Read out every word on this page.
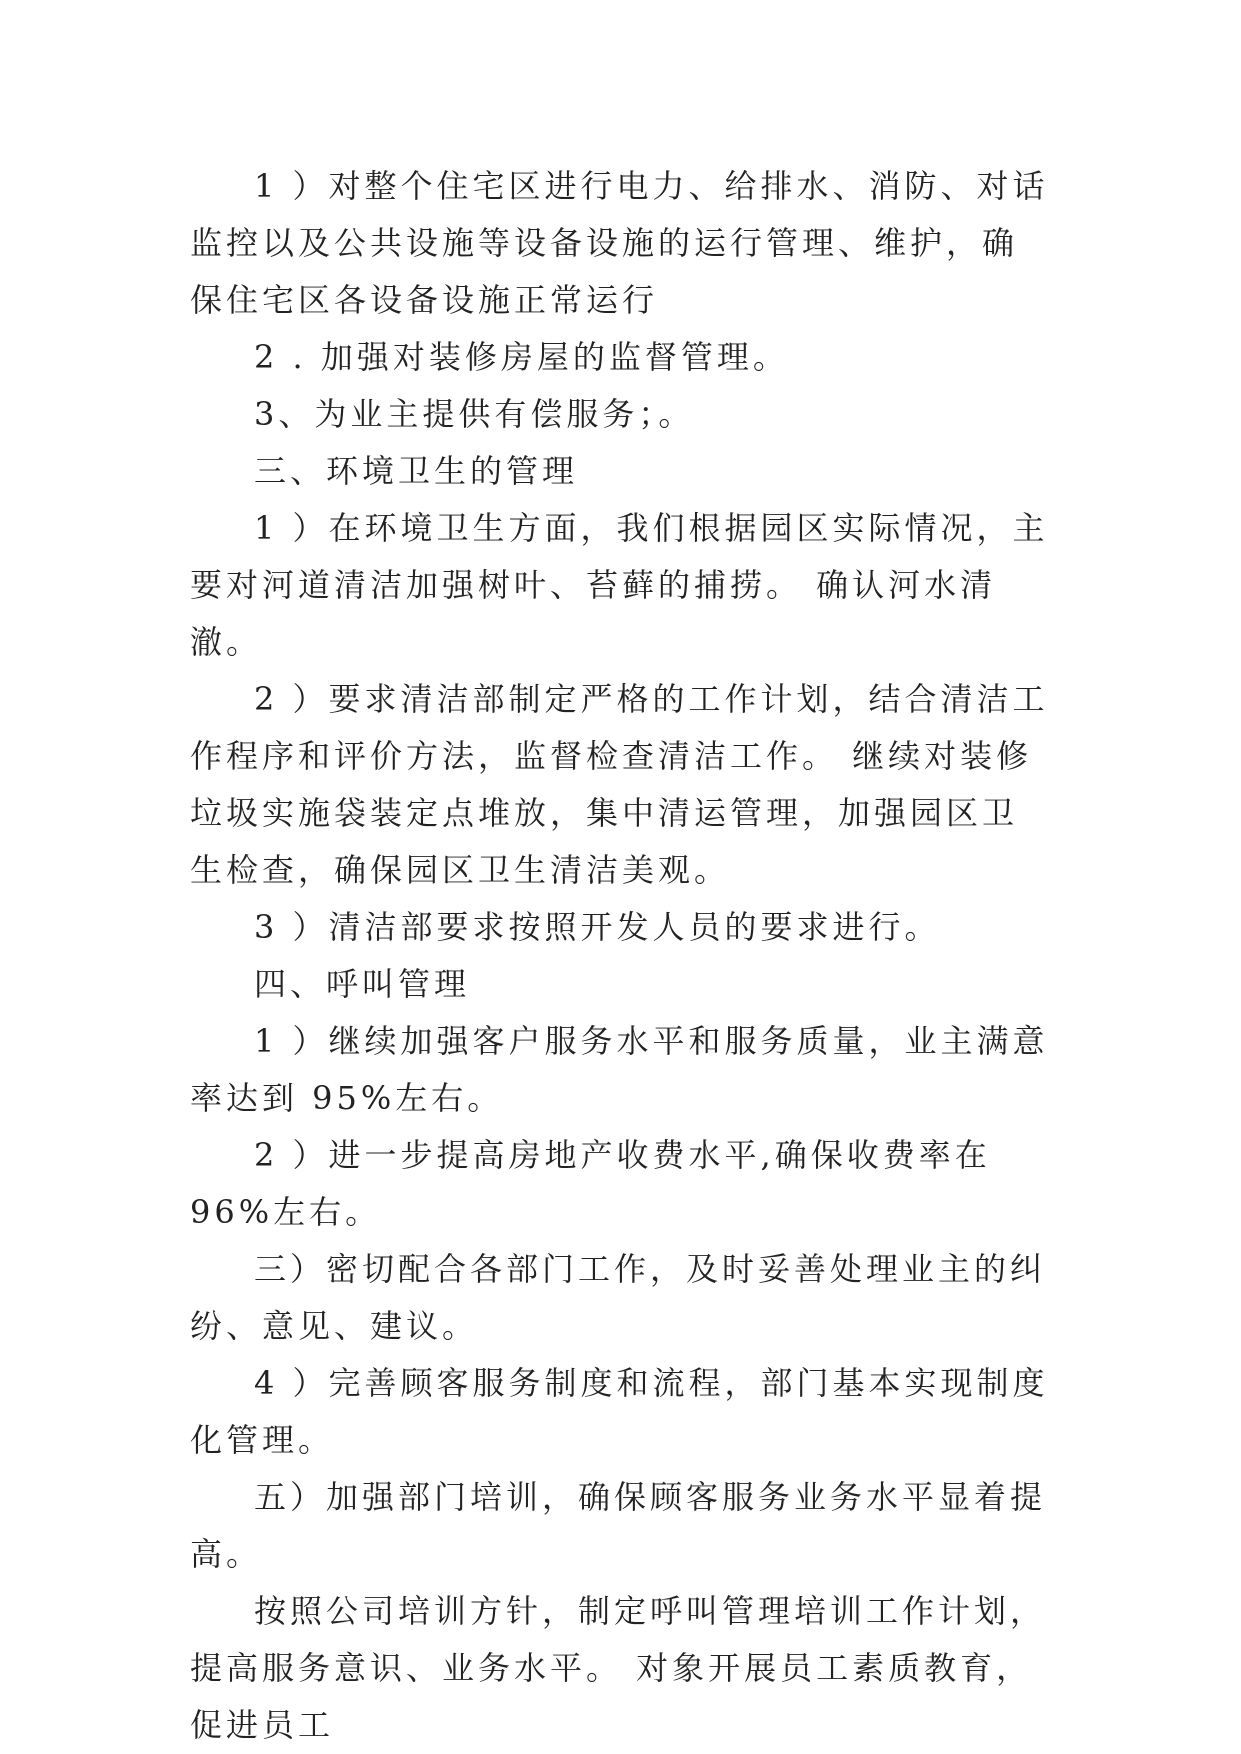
1 ）对整个住宅区进行电力、给排水、消防、对话监控以及公共设施等设备设施的运行管理、维护，确保住宅区各设备设施正常运行

2 . 加强对装修房屋的监督管理。

3、为业主提供有偿服务；。

三、环境卫生的管理

1 ）在环境卫生方面，我们根据园区实际情况，主要对河道清洁加强树叶、苔藓的捕捞。 确认河水清澈。

2 ）要求清洁部制定严格的工作计划，结合清洁工作程序和评价方法，监督检查清洁工作。 继续对装修垃圾实施袋装定点堆放，集中清运管理，加强园区卫生检查，确保园区卫生清洁美观。

3 ）清洁部要求按照开发人员的要求进行。

四、呼叫管理

1 ）继续加强客户服务水平和服务质量，业主满意率达到 95%左右。

2 ）进一步提高房地产收费水平,确保收费率在96%左右。

三）密切配合各部门工作，及时妥善处理业主的纠纷、意见、建议。

4 ）完善顾客服务制度和流程，部门基本实现制度化管理。

五）加强部门培训，确保顾客服务业务水平显着提高。

按照公司培训方针，制定呼叫管理培训工作计划，提高服务意识、业务水平。 对象开展员工素质教育，促进员工
